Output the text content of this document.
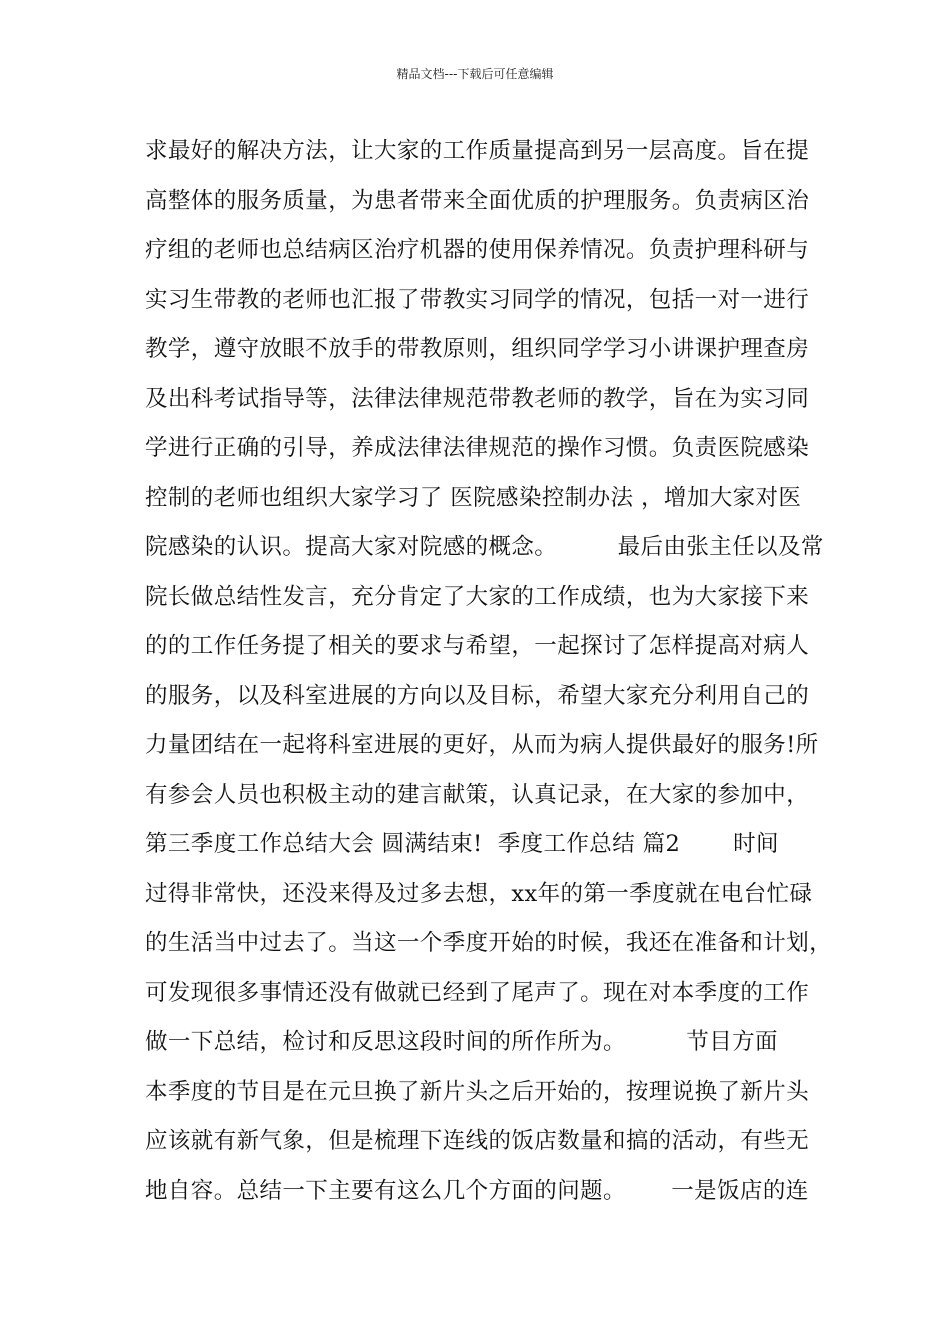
精品文档---下载后可任意编辑
求最好的解决方法，让大家的工作质量提高到另一层高度。旨在提
高整体的服务质量，为患者带来全面优质的护理服务。负责病区治
疗组的老师也总结病区治疗机器的使用保养情况。负责护理科研与
实习生带教的老师也汇报了带教实习同学的情况，包括一对一进行
教学，遵守放眼不放手的带教原则，组织同学学习小讲课护理查房
及出科考试指导等，法律法律规范带教老师的教学，旨在为实习同
学进行正确的引导，养成法律法律规范的操作习惯。负责医院感染
控制的老师也组织大家学习了 医院感染控制办法 ，增加大家对医
院感染的认识。提高大家对院感的概念。        最后由张主任以及常
院长做总结性发言，充分肯定了大家的工作成绩，也为大家接下来
的的工作任务提了相关的要求与希望，一起探讨了怎样提高对病人
的服务，以及科室进展的方向以及目标，希望大家充分利用自己的
力量团结在一起将科室进展的更好，从而为病人提供最好的服务!所
有参会人员也积极主动的建言献策，认真记录，在大家的参加中，
第三季度工作总结大会 圆满结束!  季度工作总结 篇2       时间
过得非常快，还没来得及过多去想，xx年的第一季度就在电台忙碌
的生活当中过去了。当这一个季度开始的时候，我还在准备和计划，
可发现很多事情还没有做就已经到了尾声了。现在对本季度的工作
做一下总结，检讨和反思这段时间的所作所为。        节目方面
本季度的节目是在元旦换了新片头之后开始的，按理说换了新片头
应该就有新气象，但是梳理下连线的饭店数量和搞的活动，有些无
地自容。总结一下主要有这么几个方面的问题。      一是饭店的连
